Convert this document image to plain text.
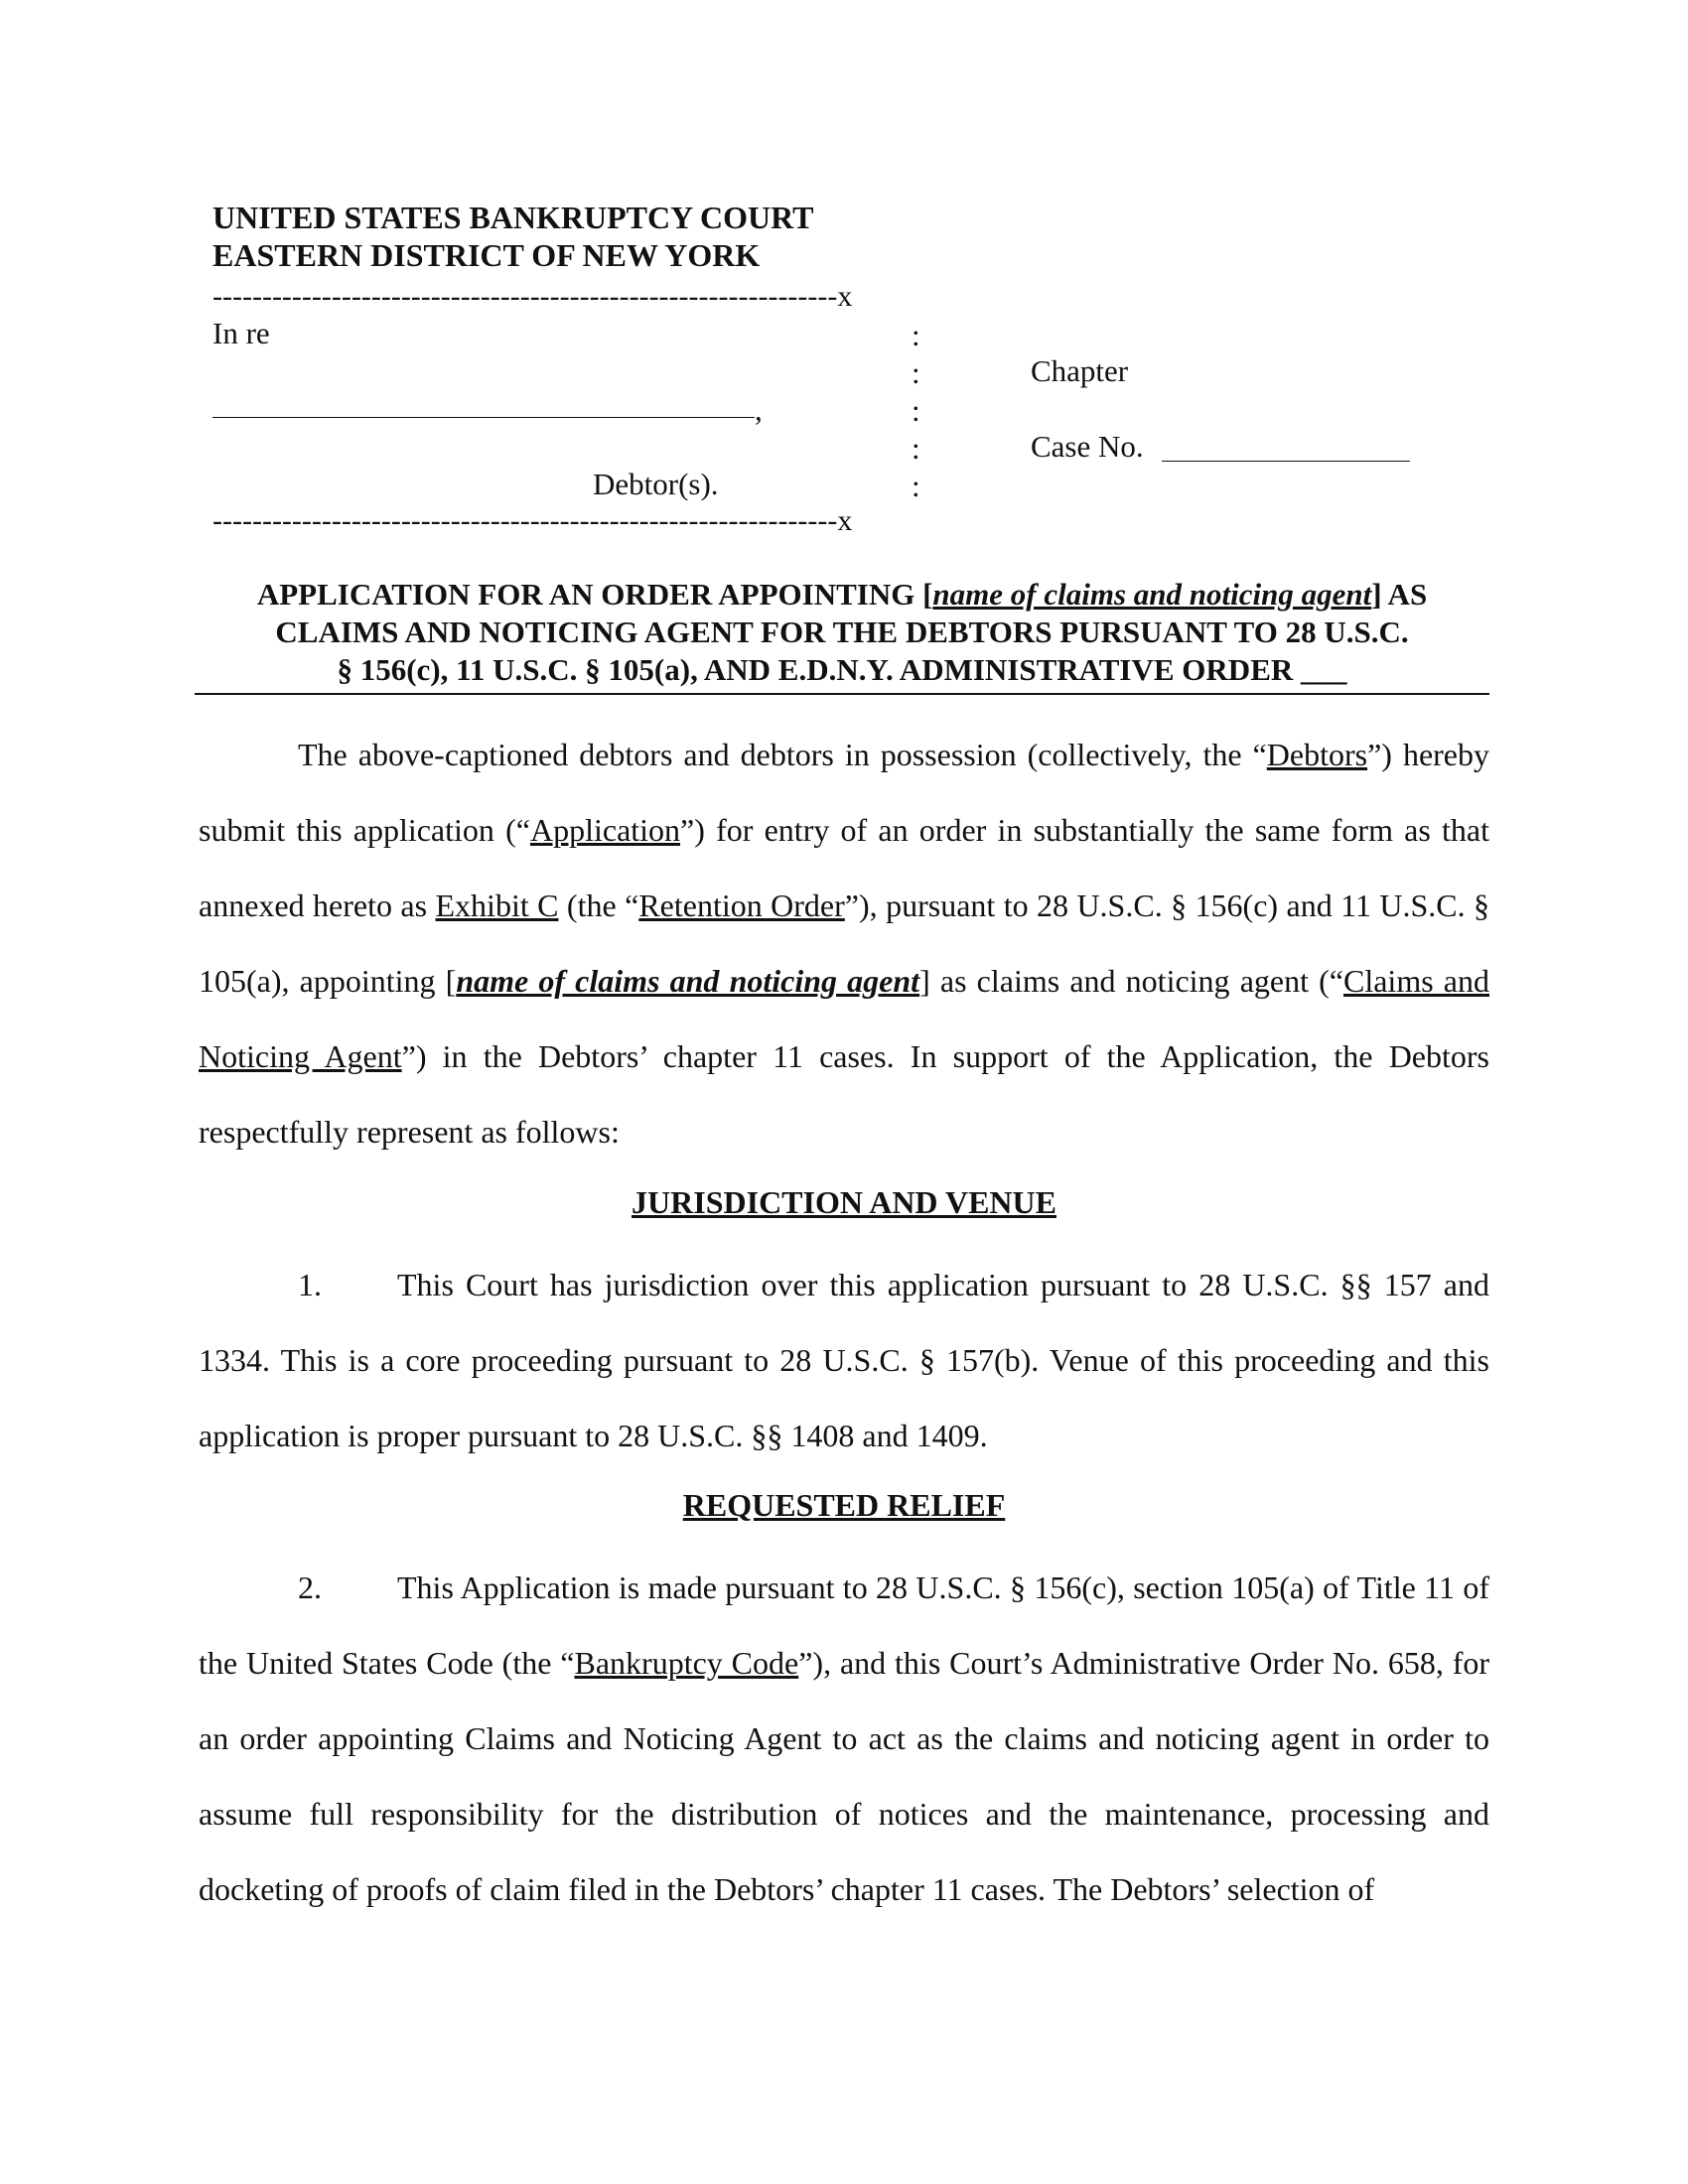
UNITED STATES BANKRUPTCY COURT
EASTERN DISTRICT OF NEW YORK
---------------------------------------------------------------x
In re
,
Debtor(s).
---------------------------------------------------------------x
:
:
:
:
:
Chapter
Case No.
APPLICATION FOR AN ORDER APPOINTING [name of claims and noticing agent] AS
CLAIMS AND NOTICING AGENT FOR THE DEBTORS PURSUANT TO 28 U.S.C.
§ 156(c), 11 U.S.C. § 105(a), AND E.D.N.Y. ADMINISTRATIVE ORDER ___
The above-captioned debtors and debtors in possession (collectively, the “Debtors”) hereby submit this application (“Application”) for entry of an order in substantially the same form as that annexed hereto as Exhibit C (the “Retention Order”), pursuant to 28 U.S.C. § 156(c) and 11 U.S.C. § 105(a), appointing [name of claims and noticing agent] as claims and noticing agent (“Claims and Noticing Agent”) in the Debtors’ chapter 11 cases. In support of the Application, the Debtors respectfully represent as follows:
JURISDICTION AND VENUE
1. This Court has jurisdiction over this application pursuant to 28 U.S.C. §§ 157 and 1334. This is a core proceeding pursuant to 28 U.S.C. § 157(b). Venue of this proceeding and this application is proper pursuant to 28 U.S.C. §§ 1408 and 1409.
REQUESTED RELIEF
2. This Application is made pursuant to 28 U.S.C. § 156(c), section 105(a) of Title 11 of the United States Code (the “Bankruptcy Code”), and this Court’s Administrative Order No. 658, for an order appointing Claims and Noticing Agent to act as the claims and noticing agent in order to assume full responsibility for the distribution of notices and the maintenance, processing and docketing of proofs of claim filed in the Debtors’ chapter 11 cases. The Debtors’ selection of
